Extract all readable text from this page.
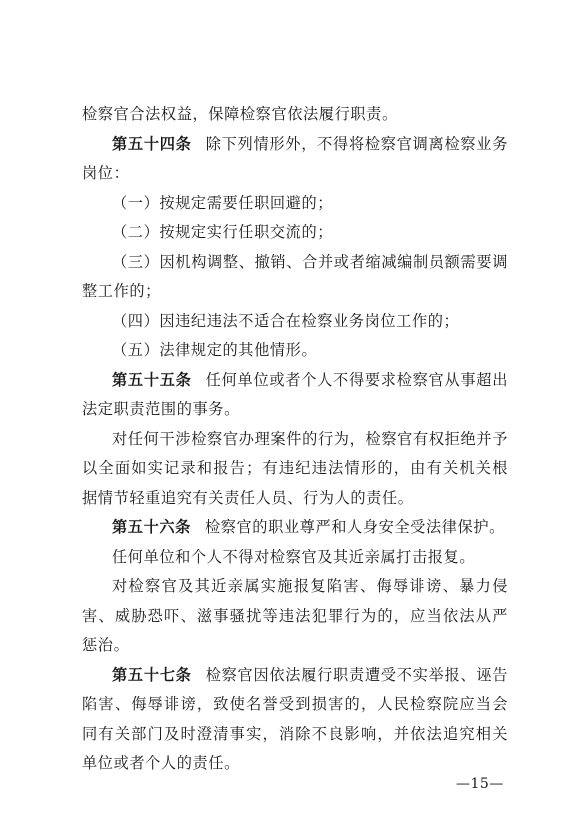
检察官合法权益，保障检察官依法履行职责。

第五十四条 除下列情形外，不得将检察官调离检察业务岗位：

（一）按规定需要任职回避的；

（二）按规定实行任职交流的；

（三）因机构调整、撤销、合并或者缩减编制员额需要调整工作的；

（四）因违纪违法不适合在检察业务岗位工作的；

（五）法律规定的其他情形。

第五十五条 任何单位或者个人不得要求检察官从事超出法定职责范围的事务。

对任何干涉检察官办理案件的行为，检察官有权拒绝并予以全面如实记录和报告；有违纪违法情形的，由有关机关根据情节轻重追究有关责任人员、行为人的责任。

第五十六条 检察官的职业尊严和人身安全受法律保护。

任何单位和个人不得对检察官及其近亲属打击报复。

对检察官及其近亲属实施报复陷害、侮辱诽谤、暴力侵害、威胁恐吓、滋事骚扰等违法犯罪行为的，应当依法从严惩治。

第五十七条 检察官因依法履行职责遭受不实举报、诬告陷害、侮辱诽谤，致使名誉受到损害的，人民检察院应当会同有关部门及时澄清事实，消除不良影响，并依法追究相关单位或者个人的责任。

—15—
